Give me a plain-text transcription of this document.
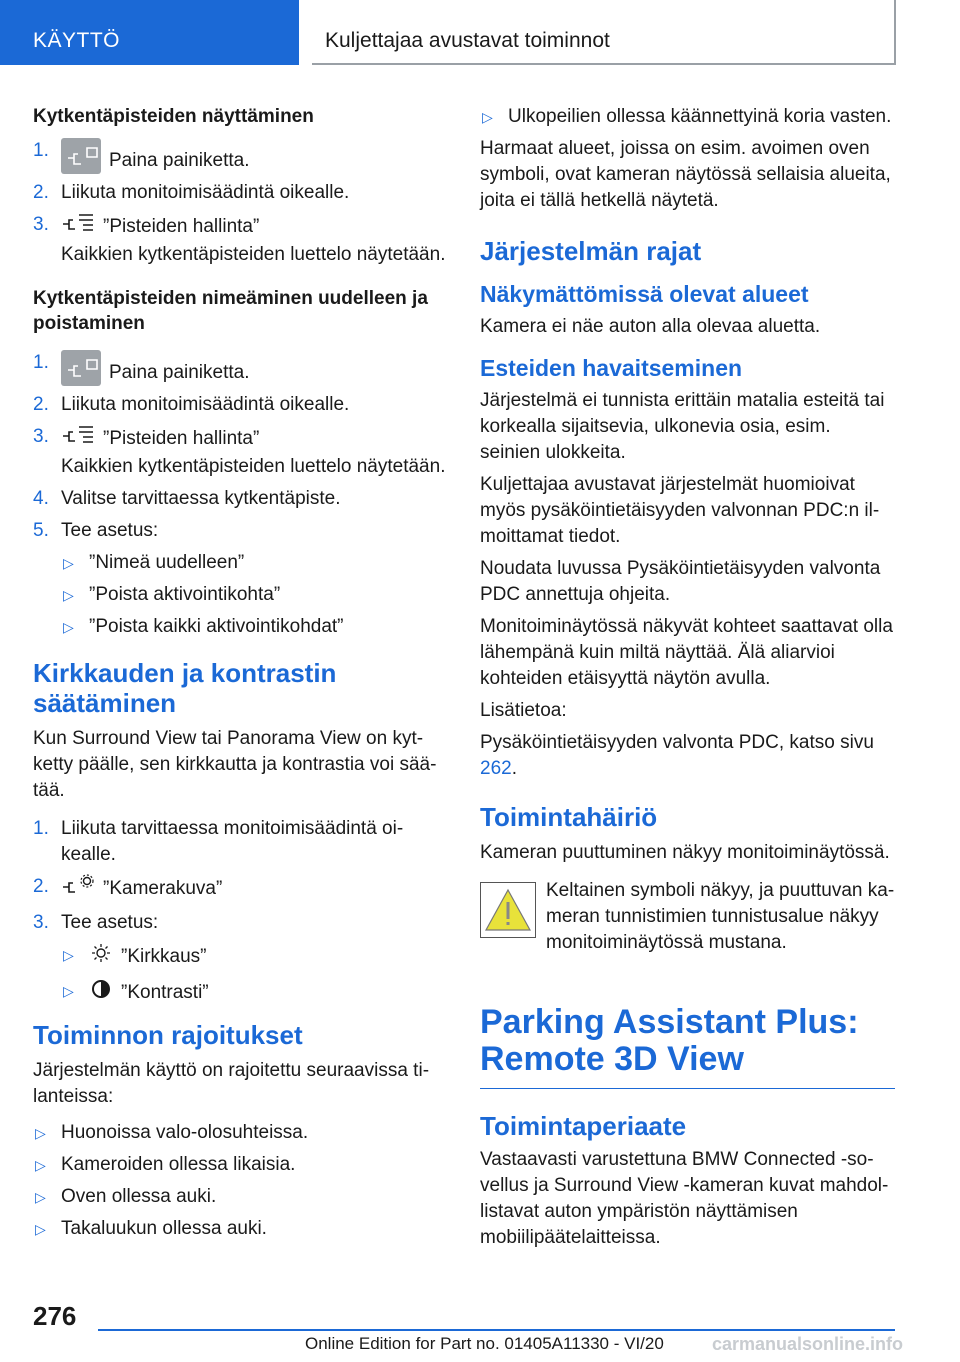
KÄYTTÖ	Kuljettajaa avustavat toiminnot
Kytkentäpisteiden näyttäminen
1.	Paina painiketta.
2. Liikuta monitoimisäädintä oikealle.
3.	”Pisteiden hallinta”
Kaikkien kytkentäpisteiden luettelo näytetään.
Kytkentäpisteiden nimeäminen uudelleen ja poistaminen
1.	Paina painiketta.
2. Liikuta monitoimisäädintä oikealle.
3.	”Pisteiden hallinta”
Kaikkien kytkentäpisteiden luettelo näytetään.
4. Valitse tarvittaessa kytkentäpiste.
5. Tee asetus:
▷ ”Nimeä uudelleen”
▷ ”Poista aktivointikohta”
▷ ”Poista kaikki aktivointikohdat”
Kirkkauden ja kontrastin säätäminen
Kun Surround View tai Panorama View on kytketty päälle, sen kirkkautta ja kontrastia voi säätää.
1. Liikuta tarvittaessa monitoimisäädintä oikealle.
2.	”Kamerakuva”
3. Tee asetus:
▷ ”Kirkkaus”
▷ ”Kontrasti”
Toiminnon rajoitukset
Järjestelmän käyttö on rajoitettu seuraavissa tilanteissa:
▷ Huonoissa valo-olosuhteissa.
▷ Kameroiden ollessa likaisia.
▷ Oven ollessa auki.
▷ Takaluukun ollessa auki.
▷ Ulkopeilien ollessa käännettyinä koria vasten.
Harmaat alueet, joissa on esim. avoimen oven symboli, ovat kameran näytössä sellaisia alueita, joita ei tällä hetkellä näytetä.
Järjestelmän rajat
Näkymättömissä olevat alueet
Kamera ei näe auton alla olevaa aluetta.
Esteiden havaitseminen
Järjestelmä ei tunnista erittäin matalia esteitä tai korkealla sijaitsevia, ulkonevia osia, esim. seinien ulokkeita.
Kuljettajaa avustavat järjestelmät huomioivat myös pysäköintietäisyyden valvonnan PDC:n ilmoittamat tiedot.
Noudata luvussa Pysäköintietäisyyden valvonta PDC annettuja ohjeita.
Monitoiminäytössä näkyvät kohteet saattavat olla lähempänä kuin miltä näyttää. Älä aliarvioi kohteiden etäisyyttä näytön avulla.
Lisätietoa:
Pysäköintietäisyyden valvonta PDC, katso sivu 262.
Toimintahäiriö
Kameran puuttuminen näkyy monitoiminäytössä.
Keltainen symboli näkyy, ja puuttuvan kameran tunnistimien tunnistusalue näkyy monitoiminäytössä mustana.
Parking Assistant Plus: Remote 3D View
Toimintaperiaate
Vastaavasti varustettuna BMW Connected -sovellus ja Surround View -kameran kuvat mahdollistavat auton ympäristön näyttämisen mobiilipäätelaitteissa.
276
Online Edition for Part no. 01405A11330 - VI/20	carmanualsonline.info
